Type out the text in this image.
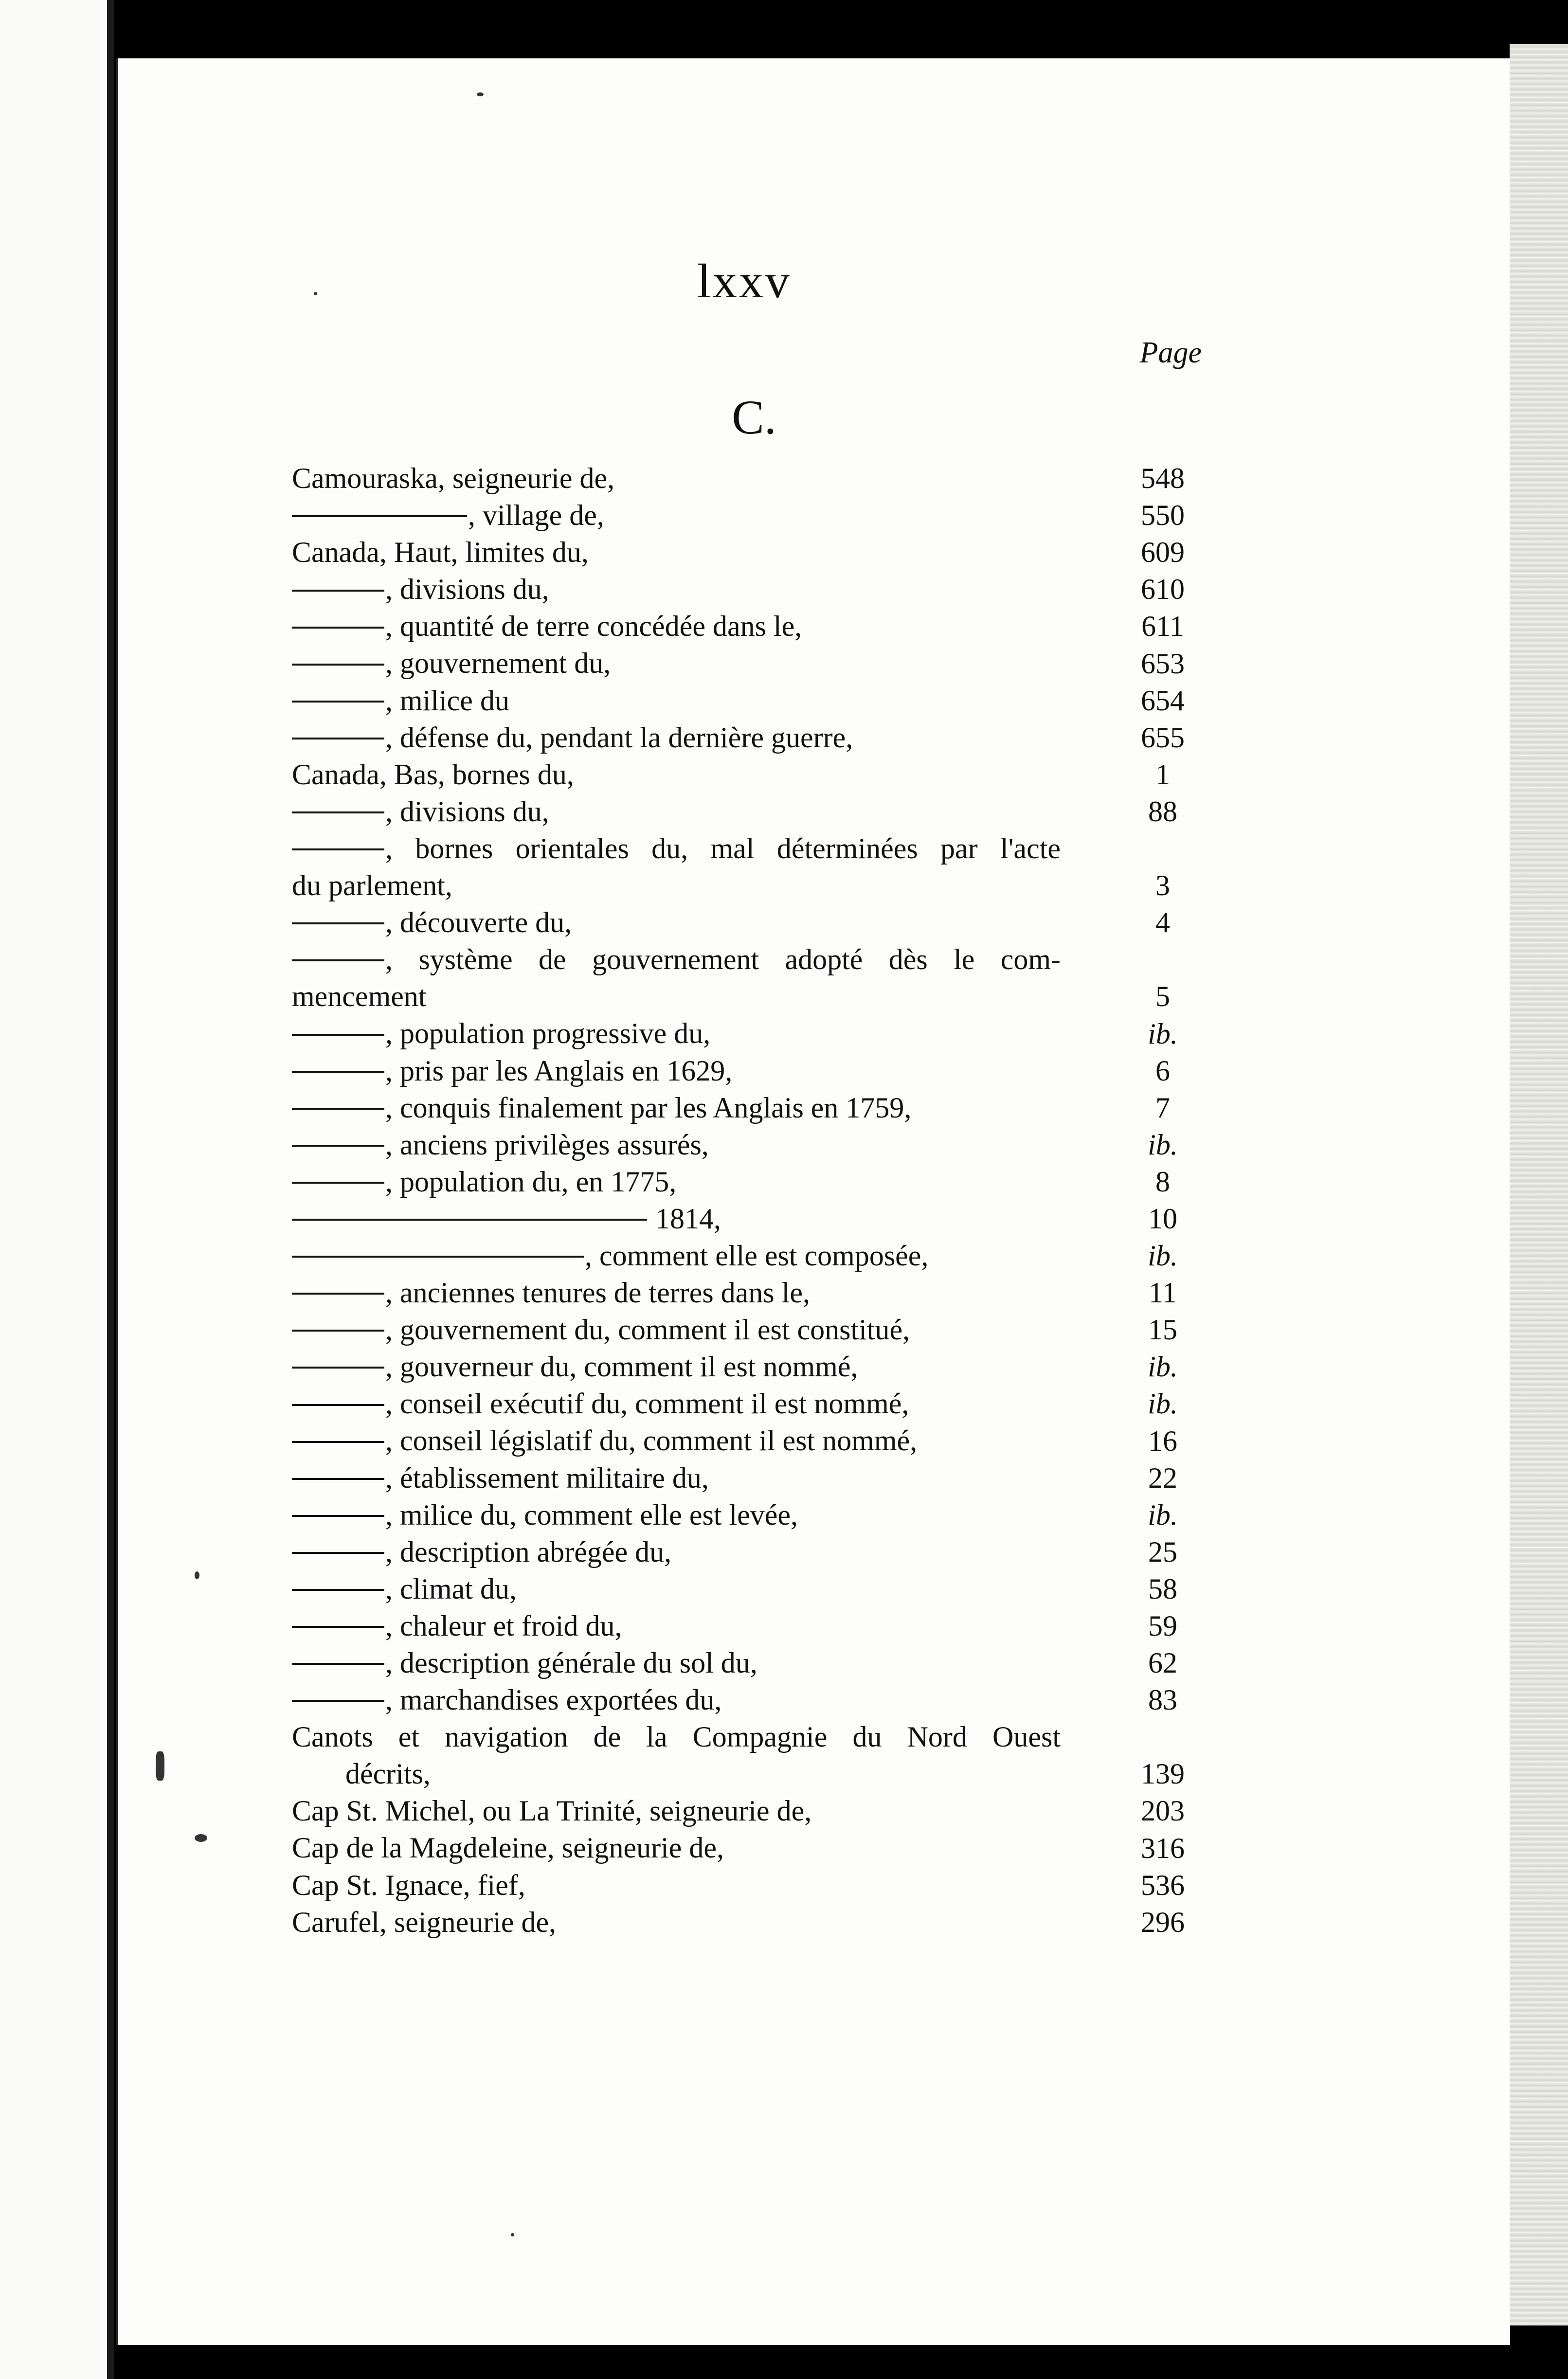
lxxv
Page
C.
Camouraska, seigneurie de,	548
, village de,	550
Canada, Haut, limites du,	609
, divisions du,	610
, quantité de terre concédée dans le,	611
, gouvernement du,	653
, milice du	654
, défense du, pendant la dernière guerre,	655
Canada, Bas, bornes du,	1
, divisions du,	88
, bornes orientales du, mal déterminées par l'acte
du parlement,	3
, découverte du,	4
, système de gouvernement adopté dès le com-
mencement	5
, population progressive du,	ib.
, pris par les Anglais en 1629,	6
, conquis finalement par les Anglais en 1759,	7
, anciens privilèges assurés,	ib.
, population du, en 1775,	8
1814,	10
, comment elle est composée,	ib.
, anciennes tenures de terres dans le,	11
, gouvernement du, comment il est constitué,	15
, gouverneur du, comment il est nommé,	ib.
, conseil exécutif du, comment il est nommé,	ib.
, conseil législatif du, comment il est nommé,	16
, établissement militaire du,	22
, milice du, comment elle est levée,	ib.
, description abrégée du,	25
, climat du,	58
, chaleur et froid du,	59
, description générale du sol du,	62
, marchandises exportées du,	83
Canots et navigation de la Compagnie du Nord Ouest
décrits,	139
Cap St. Michel, ou La Trinité, seigneurie de,	203
Cap de la Magdeleine, seigneurie de,	316
Cap St. Ignace, fief,	536
Carufel, seigneurie de,	296
